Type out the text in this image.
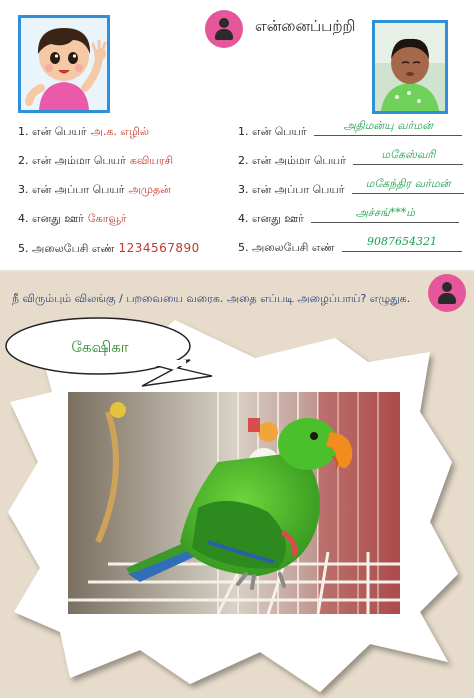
என்னைப்பற்றி
1. என் பெயர் அ.க. எழில்
2. என் அம்மா பெயர் கவியரசி
3. என் அப்பா பெயர் அமுதன்
4. எனது ஊர் கோவூர்
5. அலைபேசி எண் 1234567890
1. என் பெயர்	அதிமன்யு வர்மன்
2. என் அம்மா பெயர்	மகேஸ்வரி
3. என் அப்பா பெயர்	மகேந்திர வர்மன்
4. எனது ஊர்	அச்சங்***ம்
5. அலைபேசி எண்	9087654321
நீ விரும்பும் விலங்கு / பறவையை வரைக. அதை எப்படி அழைப்பாய்? எழுதுக.
கேஷிகா
